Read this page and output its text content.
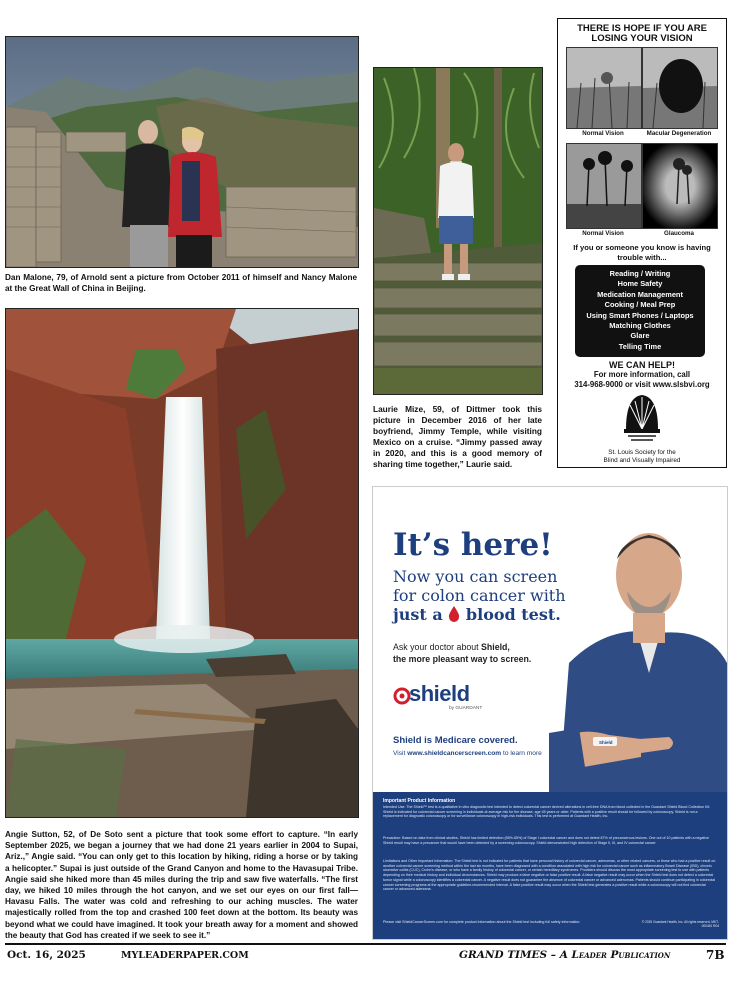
Dan Malone, 79, of Arnold sent a picture from October 2011 of himself and Nancy Malone at the Great Wall of China in Beijing.
Laurie Mize, 59, of Dittmer took this picture in December 2016 of her late boyfriend, Jimmy Temple, while visiting Mexico on a cruise. “Jimmy passed away in 2020, and this is a good memory of sharing time together,” Laurie said.
Angie Sutton, 52, of De Soto sent a picture that took some effort to capture. “In early September 2025, we began a journey that we had done 21 years earlier in 2004 to Supai, Ariz.,” Angie said. “You can only get to this location by hiking, riding a horse or by taking a helicopter.” Supai is just outside of the Grand Canyon and home to the Havasupai Tribe. Angie said she hiked more than 45 miles during the trip and saw five waterfalls. “The first day, we hiked 10 miles through the hot canyon, and we set our eyes on our first fall—Havasu Falls. The water was cold and refreshing to our aching muscles. The water majestically rolled from the top and crashed 100 feet down at the bottom. Its beauty was beyond what we could have imagined. It took your breath away for a moment and showed the beauty that God has created if we seek to see it.”
THERE IS HOPE IF YOU ARE
LOSING YOUR VISION
Normal Vision	Macular Degeneration
Normal Vision	Glaucoma
If you or someone you know is having trouble with...
Reading / Writing
Home Safety
Medication Management
Cooking / Meal Prep
Using Smart Phones / Laptops
Matching Clothes
Glare
Telling Time
WE CAN HELP!
For more information, call
314-968-9000 or visit www.slsbvi.org
St. Louis Society for the
Blind and Visually Impaired
It’s here!
Now you can screen
for colon cancer with
just a blood test.
Ask your doctor about Shield,
the more pleasant way to screen.
shield
by GUARDANT
Shield is Medicare covered.
Visit www.shieldcancerscreen.com to learn more
Shield
Important Product Information
Intended Use: The Shield™ test is a qualitative in vitro diagnostic test intended to detect colorectal cancer derived alterations in cell-free DNA from blood collected in the Guardant Shield Blood Collection Kit. Shield is indicated for colorectal cancer screening in individuals at average risk for the disease, age 45 years or older. Patients with a positive result should be followed by colonoscopy. Shield is not a replacement for diagnostic colonoscopy or for surveillance colonoscopy in high-risk individuals. This test is performed at Guardant Health, Inc.
Precaution: Based on data from clinical studies, Shield has limited detection (55%-65%) of Stage I colorectal cancer and does not detect 87% of precancerous lesions. One out of 10 patients with a negative Shield result may have a precancer that would have been detected by a screening colonoscopy. Shield demonstrated high detection of Stage II, III, and IV colorectal cancer.
Limitations and Other Important Information: The Shield test is not indicated for patients that have personal history of colorectal cancer, adenomas, or other related cancers, or those who had a positive result on another colorectal cancer screening method within the last six months, have been diagnosed with a condition associated with high risk for colorectal cancer such as inflammatory Bowel Disease (IBD), chronic ulcerative colitis (CUC), Crohn's disease, or who have a family history of colorectal cancer, or certain hereditary syndromes. Providers should discuss the most appropriate screening test to use with patients depending on their medical history and individual circumstances. Shield may produce a false negative or false positive result. A false negative result may occur when the Shield test does not detect a colorectal tumor signal while a colonoscopy identifies a colorectal cancer. A negative result does not guarantee the absence of colorectal cancer or advanced adenomas. Patients should continue participating in colorectal cancer screening programs at the appropriate guideline-recommended interval. A false positive result may occur when the Shield test generates a positive result while a colonoscopy will not find colorectal cancer or advanced adenoma.
Please visit ShieldCancerScreen.com for complete product information about the Shield test including full safety information.	© 2025 Guardant Health, Inc. All rights reserved. MKT-000461 R04
Oct. 16, 2025	MYLEADERPAPER.COM	GRAND TIMES – A Leader Publication	7B
